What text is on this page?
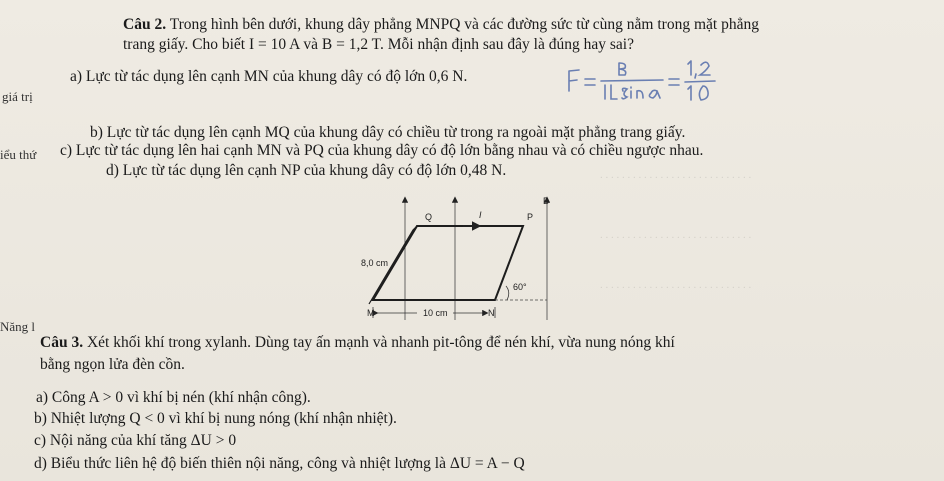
giá trị
iểu thứ
Năng l
Câu 2. Trong hình bên dưới, khung dây phẳng MNPQ và các đường sức từ cùng nằm trong mặt phẳng
trang giấy. Cho biết I = 10 A và B = 1,2 T. Mỗi nhận định sau đây là đúng hay sai?
a) Lực từ tác dụng lên cạnh MN của khung dây có độ lớn 0,6 N.
b) Lực từ tác dụng lên cạnh MQ của khung dây có chiều từ trong ra ngoài mặt phẳng trang giấy.
c) Lực từ tác dụng lên hai cạnh MN và PQ của khung dây có độ lớn bằng nhau và có chiều ngược nhau.
d) Lực từ tác dụng lên cạnh NP của khung dây có độ lớn 0,48 N.	. . . . . . . . . . . . . . . . . . . . . . . . . . . .
. . . . . . . . . . . . . . . . . . . . . . . . . . . .
. . . . . . . . . . . . . . . . . . . . . . . . . . . .
B
Q	I	P
8,0 cm
60°
M	10 cm	N
Câu 3. Xét khối khí trong xylanh. Dùng tay ấn mạnh và nhanh pit-tông để nén khí, vừa nung nóng khí
bằng ngọn lửa đèn cồn.
a) Công A > 0 vì khí bị nén (khí nhận công).
b) Nhiệt lượng Q < 0 vì khí bị nung nóng (khí nhận nhiệt).
c) Nội năng của khí tăng ΔU > 0
d) Biểu thức liên hệ độ biến thiên nội năng, công và nhiệt lượng là ΔU = A − Q
